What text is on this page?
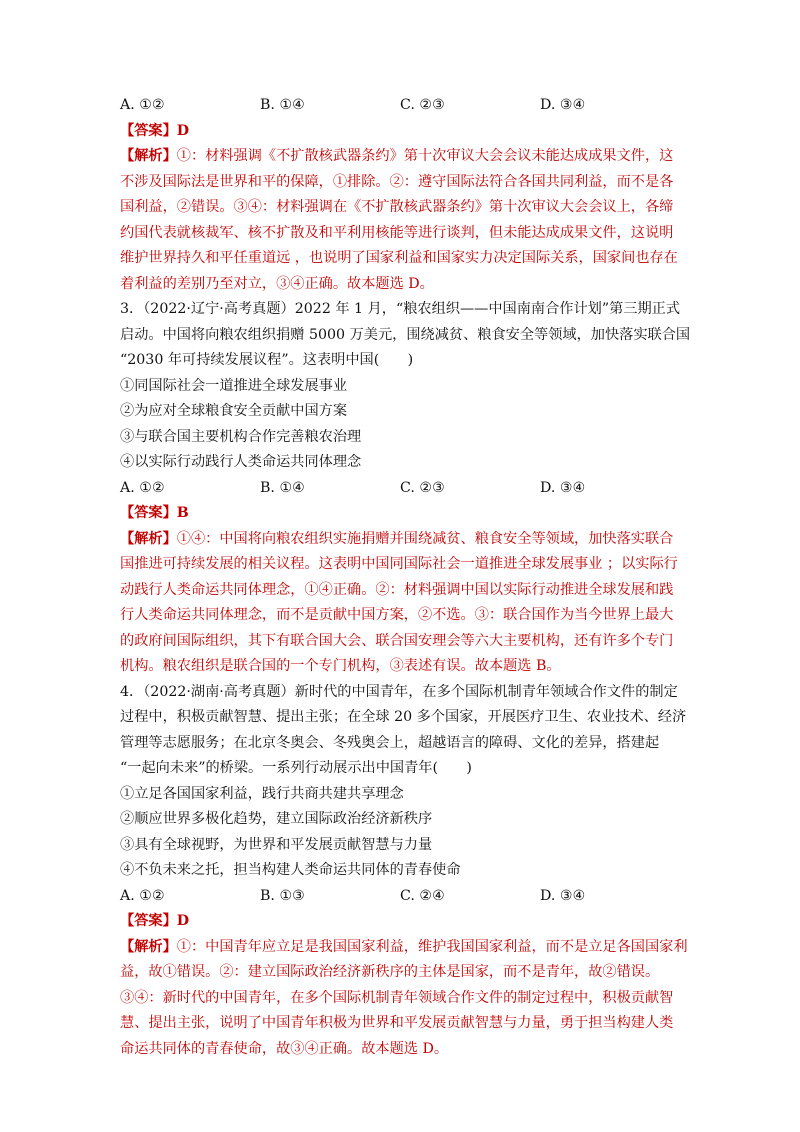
A. ①②	B. ①④	C. ②③	D. ③④
【答案】D
【解析】①：材料强调《不扩散核武器条约》第十次审议大会会议未能达成成果文件，这
不涉及国际法是世界和平的保障，①排除。②：遵守国际法符合各国共同利益，而不是各
国利益，②错误。③④：材料强调在《不扩散核武器条约》第十次审议大会会议上，各缔
约国代表就核裁军、核不扩散及和平利用核能等进行谈判，但未能达成成果文件，这说明
维护世界持久和平任重道远 ，也说明了国家利益和国家实力决定国际关系，国家间也存在
着利益的差别乃至对立，③④正确。故本题选 D。
3．（2022·辽宁·高考真题）2022 年 1 月，“粮农组织——中国南南合作计划”第三期正式
启动。中国将向粮农组织捐赠 5000 万美元，围绕减贫、粮食安全等领域，加快落实联合国
“2030 年可持续发展议程”。这表明中国(　　)
①同国际社会一道推进全球发展事业
②为应对全球粮食安全贡献中国方案
③与联合国主要机构合作完善粮农治理
④以实际行动践行人类命运共同体理念
A. ①②	B. ①④	C. ②③	D. ③④
【答案】B
【解析】①④：中国将向粮农组织实施捐赠并围绕减贫、粮食安全等领域，加快落实联合
国推进可持续发展的相关议程。这表明中国同国际社会一道推进全球发展事业 ；以实际行
动践行人类命运共同体理念，①④正确。②：材料强调中国以实际行动推进全球发展和践
行人类命运共同体理念，而不是贡献中国方案，②不选。③：联合国作为当今世界上最大
的政府间国际组织，其下有联合国大会、联合国安理会等六大主要机构，还有许多个专门
机构。粮农组织是联合国的一个专门机构，③表述有误。故本题选 B。
4．（2022·湖南·高考真题）新时代的中国青年，在多个国际机制青年领域合作文件的制定
过程中，积极贡献智慧、提出主张；在全球 20 多个国家，开展医疗卫生、农业技术、经济
管理等志愿服务；在北京冬奥会、冬残奥会上，超越语言的障碍、文化的差异，搭建起
“一起向未来”的桥梁。一系列行动展示出中国青年(　　)
①立足各国国家利益，践行共商共建共享理念
②顺应世界多极化趋势，建立国际政治经济新秩序
③具有全球视野，为世界和平发展贡献智慧与力量
④不负未来之托，担当构建人类命运共同体的青春使命
A. ①②	B. ①③	C. ②④	D. ③④
【答案】D
【解析】①：中国青年应立足是我国国家利益，维护我国国家利益，而不是立足各国国家利
益，故①错误。②：建立国际政治经济新秩序的主体是国家，而不是青年，故②错误。
③④：新时代的中国青年，在多个国际机制青年领域合作文件的制定过程中，积极贡献智
慧、提出主张，说明了中国青年积极为世界和平发展贡献智慧与力量，勇于担当构建人类
命运共同体的青春使命，故③④正确。故本题选 D。
